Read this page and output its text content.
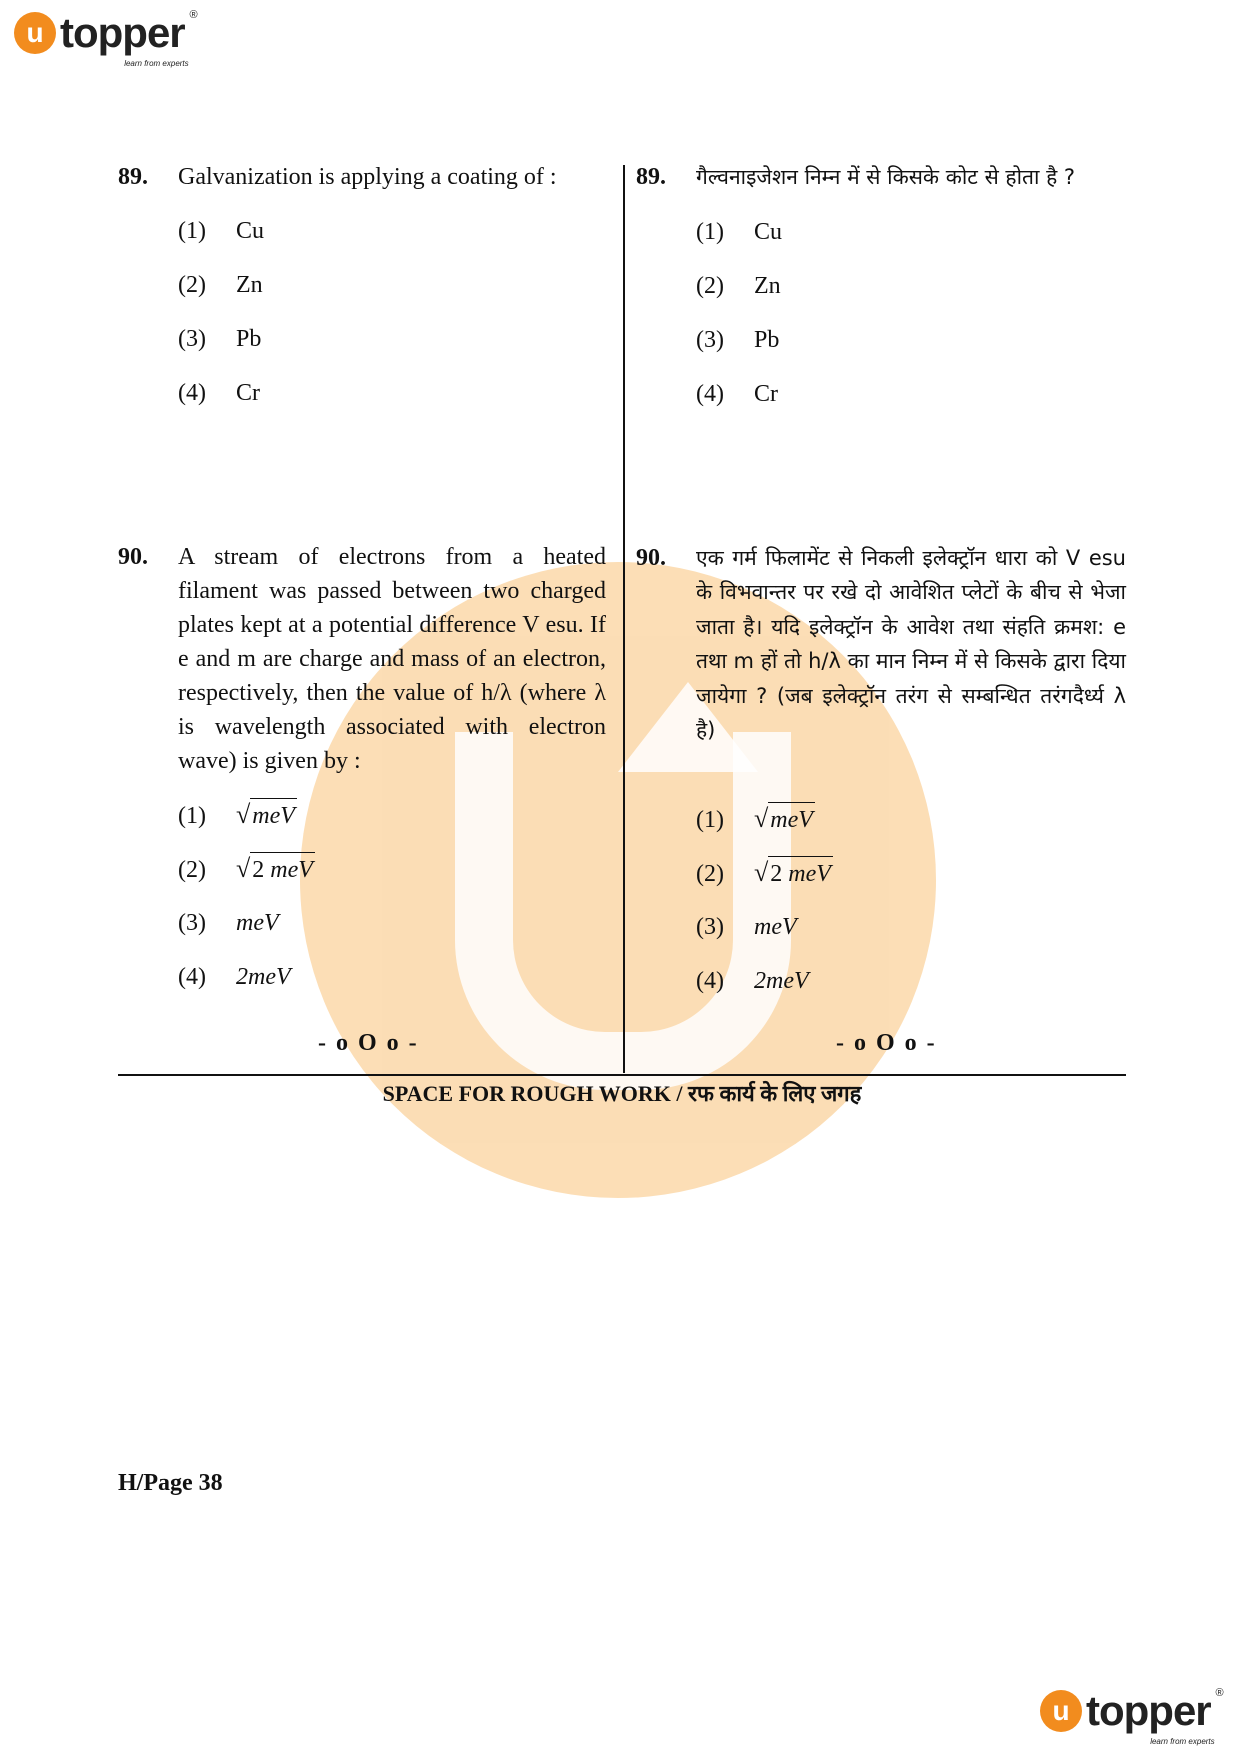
u topper ®
learn from experts
89. Galvanization is applying a coating of :
(1)	Cu
(2)	Zn
(3)	Pb
(4)	Cr
90. A stream of electrons from a heated filament was passed between two charged plates kept at a potential difference V esu. If e and m are charge and mass of an electron, respectively, then the value of h/λ (where λ is wavelength associated with electron wave) is given by :
(1)	√ meV
(2)	√ 2 meV
(3)	meV
(4)	2meV
89. गैल्वनाइजेशन निम्न में से किसके कोट से होता है ?
(1)	Cu
(2)	Zn
(3)	Pb
(4)	Cr
90. एक गर्म फिलामेंट से निकली इलेक्ट्रॉन धारा को V esu के विभवान्तर पर रखे दो आवेशित प्लेटों के बीच से भेजा जाता है। यदि इलेक्ट्रॉन के आवेश तथा संहति क्रमश: e तथा m हों तो h/λ का मान निम्न में से किसके द्वारा दिया जायेगा ? (जब इलेक्ट्रॉन तरंग से सम्बन्धित तरंगदैर्ध्य λ है)
(1)	√ meV
(2)	√ 2 meV
(3)	meV
(4)	2meV
- o O o -	- o O o -
SPACE FOR ROUGH WORK / रफ कार्य के लिए जगह
H/Page 38
u topper ®
learn from experts
